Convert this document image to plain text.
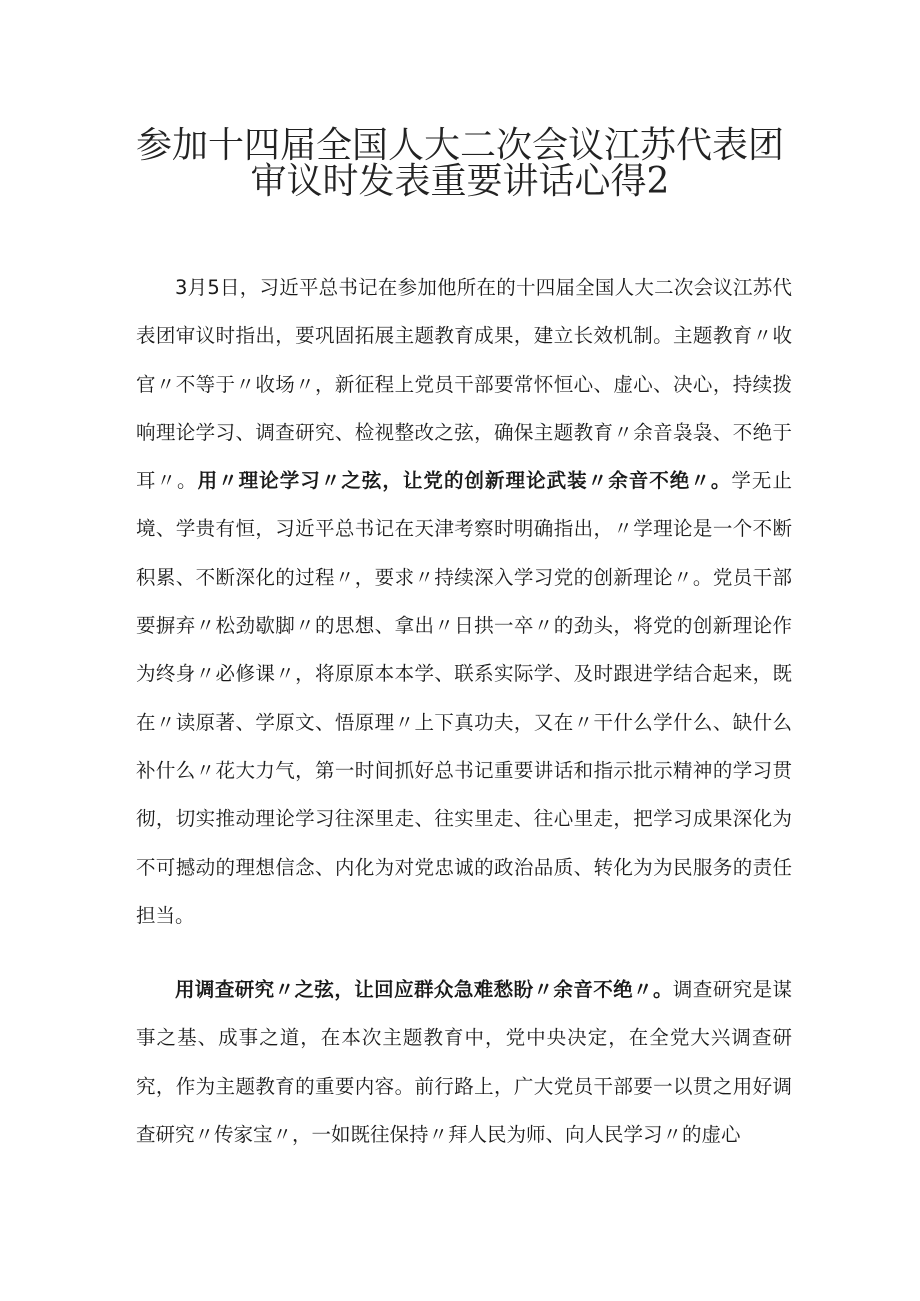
参加十四届全国人大二次会议江苏代表团
审议时发表重要讲话心得2

3月5日，习近平总书记在参加他所在的十四届全国人大二次会议江苏代表团审议时指出，要巩固拓展主题教育成果，建立长效机制。主题教育〃收官〃不等于〃收场〃，新征程上党员干部要常怀恒心、虚心、决心，持续拨响理论学习、调查研究、检视整改之弦，确保主题教育〃余音袅袅、不绝于耳〃。用〃理论学习〃之弦，让党的创新理论武装〃余音不绝〃。学无止境、学贵有恒，习近平总书记在天津考察时明确指出，〃学理论是一个不断积累、不断深化的过程〃，要求〃持续深入学习党的创新理论〃。党员干部要摒弃〃松劲歇脚〃的思想、拿出〃日拱一卒〃的劲头，将党的创新理论作为终身〃必修课〃，将原原本本学、联系实际学、及时跟进学结合起来，既在〃读原著、学原文、悟原理〃上下真功夫，又在〃干什么学什么、缺什么补什么〃花大力气，第一时间抓好总书记重要讲话和指示批示精神的学习贯彻，切实推动理论学习往深里走、往实里走、往心里走，把学习成果深化为不可撼动的理想信念、内化为对党忠诚的政治品质、转化为为民服务的责任担当。

用调查研究〃之弦，让回应群众急难愁盼〃余音不绝〃。调查研究是谋事之基、成事之道，在本次主题教育中，党中央决定，在全党大兴调查研究，作为主题教育的重要内容。前行路上，广大党员干部要一以贯之用好调查研究〃传家宝〃，一如既往保持〃拜人民为师、向人民学习〃的虚心
